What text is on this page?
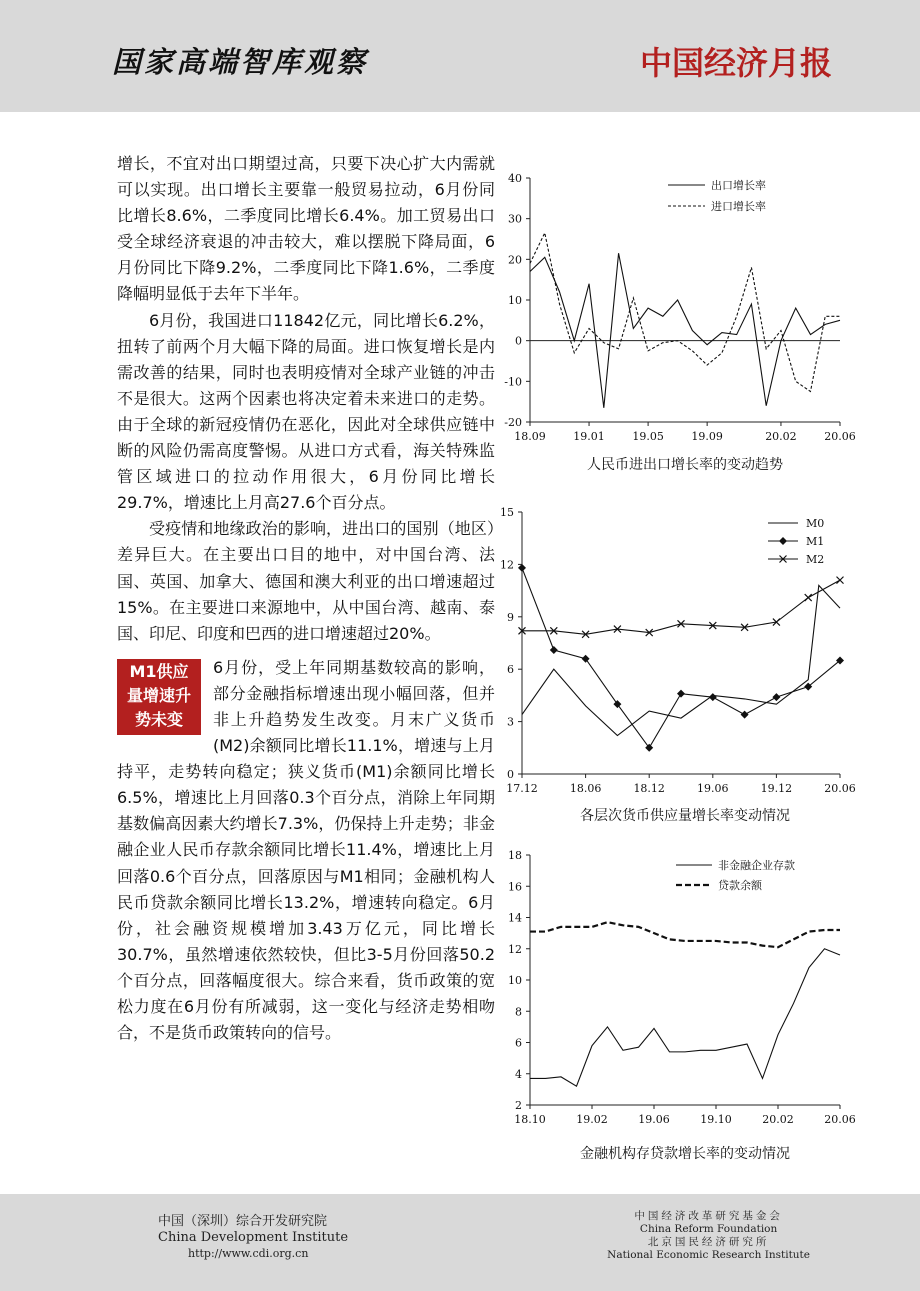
国家高端智库观察	中国经济月报

增长，不宜对出口期望过高，只要下决心扩大内需就可以实现。出口增长主要靠一般贸易拉动，6月份同比增长8.6%，二季度同比增长6.4%。加工贸易出口受全球经济衰退的冲击较大，难以摆脱下降局面，6月份同比下降9.2%，二季度同比下降1.6%，二季度降幅明显低于去年下半年。

6月份，我国进口11842亿元，同比增长6.2%，扭转了前两个月大幅下降的局面。进口恢复增长是内需改善的结果，同时也表明疫情对全球产业链的冲击不是很大。这两个因素也将决定着未来进口的走势。由于全球的新冠疫情仍在恶化，因此对全球供应链中断的风险仍需高度警惕。从进口方式看，海关特殊监管区域进口的拉动作用很大，6月份同比增长29.7%，增速比上月高27.6个百分点。

受疫情和地缘政治的影响，进出口的国别（地区）差异巨大。在主要出口目的地中，对中国台湾、法国、英国、加拿大、德国和澳大利亚的出口增速超过15%。在主要进口来源地中，从中国台湾、越南、泰国、印尼、印度和巴西的进口增速超过20%。

M1供应
量增速升
势未变

6月份，受上年同期基数较高的影响，部分金融指标增速出现小幅回落，但并非上升趋势发生改变。月末广义货币(M2)余额同比增长11.1%，增速与上月持平，走势转向稳定；狭义货币(M1)余额同比增长6.5%，增速比上月回落0.3个百分点，消除上年同期基数偏高因素大约增长7.3%，仍保持上升走势；非金融企业人民币存款余额同比增长11.4%，增速比上月回落0.6个百分点，回落原因与M1相同；金融机构人民币贷款余额同比增长13.2%，增速转向稳定。6月份，社会融资规模增加3.43万亿元，同比增长30.7%，虽然增速依然较快，但比3-5月份回落50.2个百分点，回落幅度很大。综合来看，货币政策的宽松力度在6月份有所减弱，这一变化与经济走势相吻合，不是货币政策转向的信号。

-20
-10
0
10
20
30
40
18.09	19.01	19.05	19.09	20.02	20.06
出口增长率
进口增长率
人民币进出口增长率的变动趋势
0
3
6
9
12
15
17.12	18.06	18.12	19.06	19.12	20.06
M0
M1
M2
各层次货币供应量增长率变动情况
2
4
6
8
10
12
14
16
18
18.10	19.02	19.06	19.10	20.02	20.06
非金融企业存款
贷款余额
金融机构存贷款增长率的变动情况
中国（深圳）综合开发研究院
China Development Institute
http://www.cdi.org.cn
中国经济改革研究基金会
China Reform Foundation
北京国民经济研究所
National Economic Research Institute
